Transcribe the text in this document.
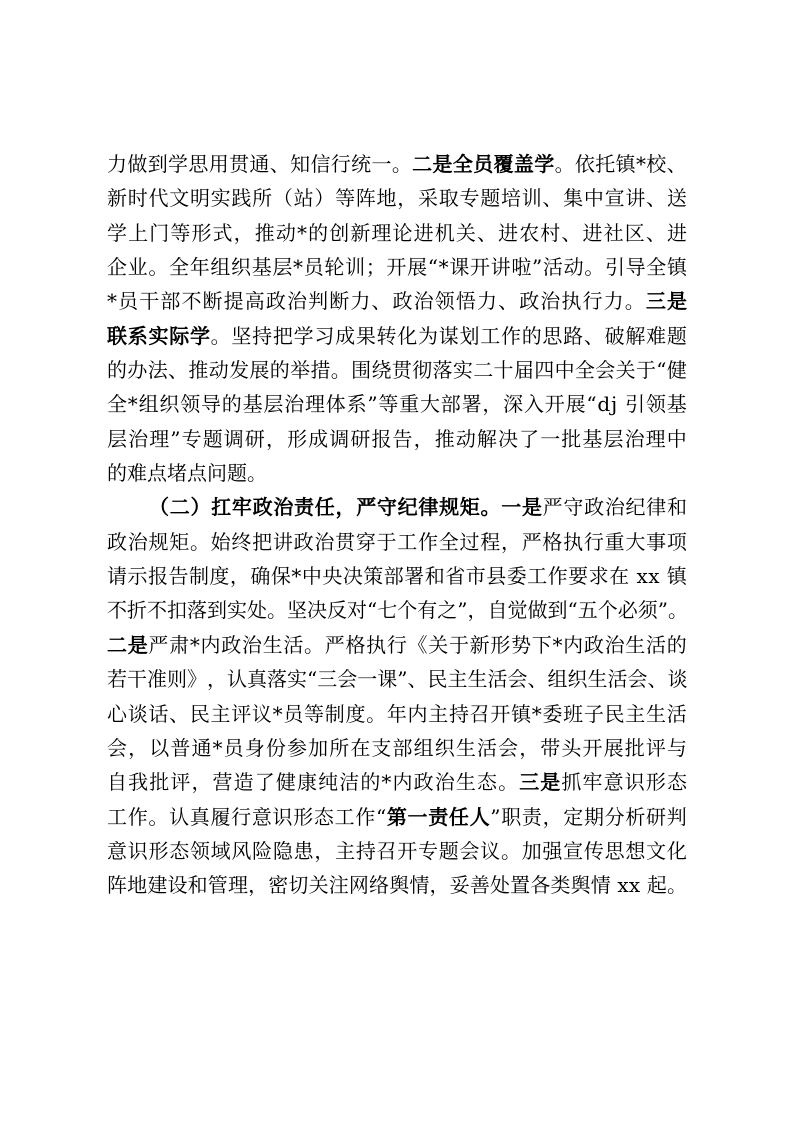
力 做 到 学 思 用 贯 通 、 知 信 行 统 一 。 二 是 全 员 覆 盖 学 。 依 托 镇 * 校 、
新 时 代 文 明 实 践 所 （ 站 ） 等 阵 地 ， 采 取 专 题 培 训 、 集 中 宣 讲 、 送
学 上 门 等 形 式 ， 推 动 * 的 创 新 理 论 进 机 关 、 进 农 村 、 进 社 区 、 进
企 业 。 全 年 组 织 基 层 * 员 轮 训 ； 开 展 “ * 课 开 讲 啦 ” 活 动 。 引 导 全 镇
* 员 干 部 不 断 提 高 政 治 判 断 力 、 政 治 领 悟 力 、 政 治 执 行 力 。 三 是
联 系 实 际 学 。 坚 持 把 学 习 成 果 转 化 为 谋 划 工 作 的 思 路 、 破 解 难 题
的 办 法 、 推 动 发 展 的 举 措 。 围 绕 贯 彻 落 实 二 十 届 四 中 全 会 关 于 “ 健
全 * 组 织 领 导 的 基 层 治 理 体 系 ” 等 重 大 部 署 ， 深 入 开 展 “ d j
引 领 基
层 治 理 ” 专 题 调 研 ， 形 成 调 研 报 告 ， 推 动 解 决 了 一 批 基 层 治 理 中
的 难 点 堵 点 问 题 。
（ 二 ） 扛 牢 政 治 责 任 ， 严 守 纪 律 规 矩 。 一 是 严 守 政 治 纪 律 和
政 治 规 矩 。 始 终 把 讲 政 治 贯 穿 于 工 作 全 过 程 ， 严 格 执 行 重 大 事 项
请 示 报 告 制 度 ， 确 保 * 中 央 决 策 部 署 和 省 市 县 委 工 作 要 求 在
x x
镇
不 折 不 扣 落 到 实 处 。 坚 决 反 对 “ 七 个 有 之 ” ， 自 觉 做 到 “ 五 个 必 须 ” 。
二 是 严 肃 * 内 政 治 生 活 。 严 格 执 行 《 关 于 新 形 势 下 * 内 政 治 生 活 的
若 干 准 则 》 ， 认 真 落 实 “ 三 会 一 课 ” 、 民 主 生 活 会 、 组 织 生 活 会 、 谈
心 谈 话 、 民 主 评 议 * 员 等 制 度 。 年 内 主 持 召 开 镇 * 委 班 子 民 主 生 活
会 ， 以 普 通 * 员 身 份 参 加 所 在 支 部 组 织 生 活 会 ， 带 头 开 展 批 评 与
自 我 批 评 ， 营 造 了 健 康 纯 洁 的 * 内 政 治 生 态 。 三 是 抓 牢 意 识 形 态
工 作 。 认 真 履 行 意 识 形 态 工 作 “ 第 一 责 任 人 ” 职 责 ， 定 期 分 析 研 判
意 识 形 态 领 域 风 险 隐 患 ， 主 持 召 开 专 题 会 议 。 加 强 宣 传 思 想 文 化
阵 地 建 设 和 管 理 ， 密 切 关 注 网 络 舆 情 ， 妥 善 处 置 各 类 舆 情
x x
起 。
